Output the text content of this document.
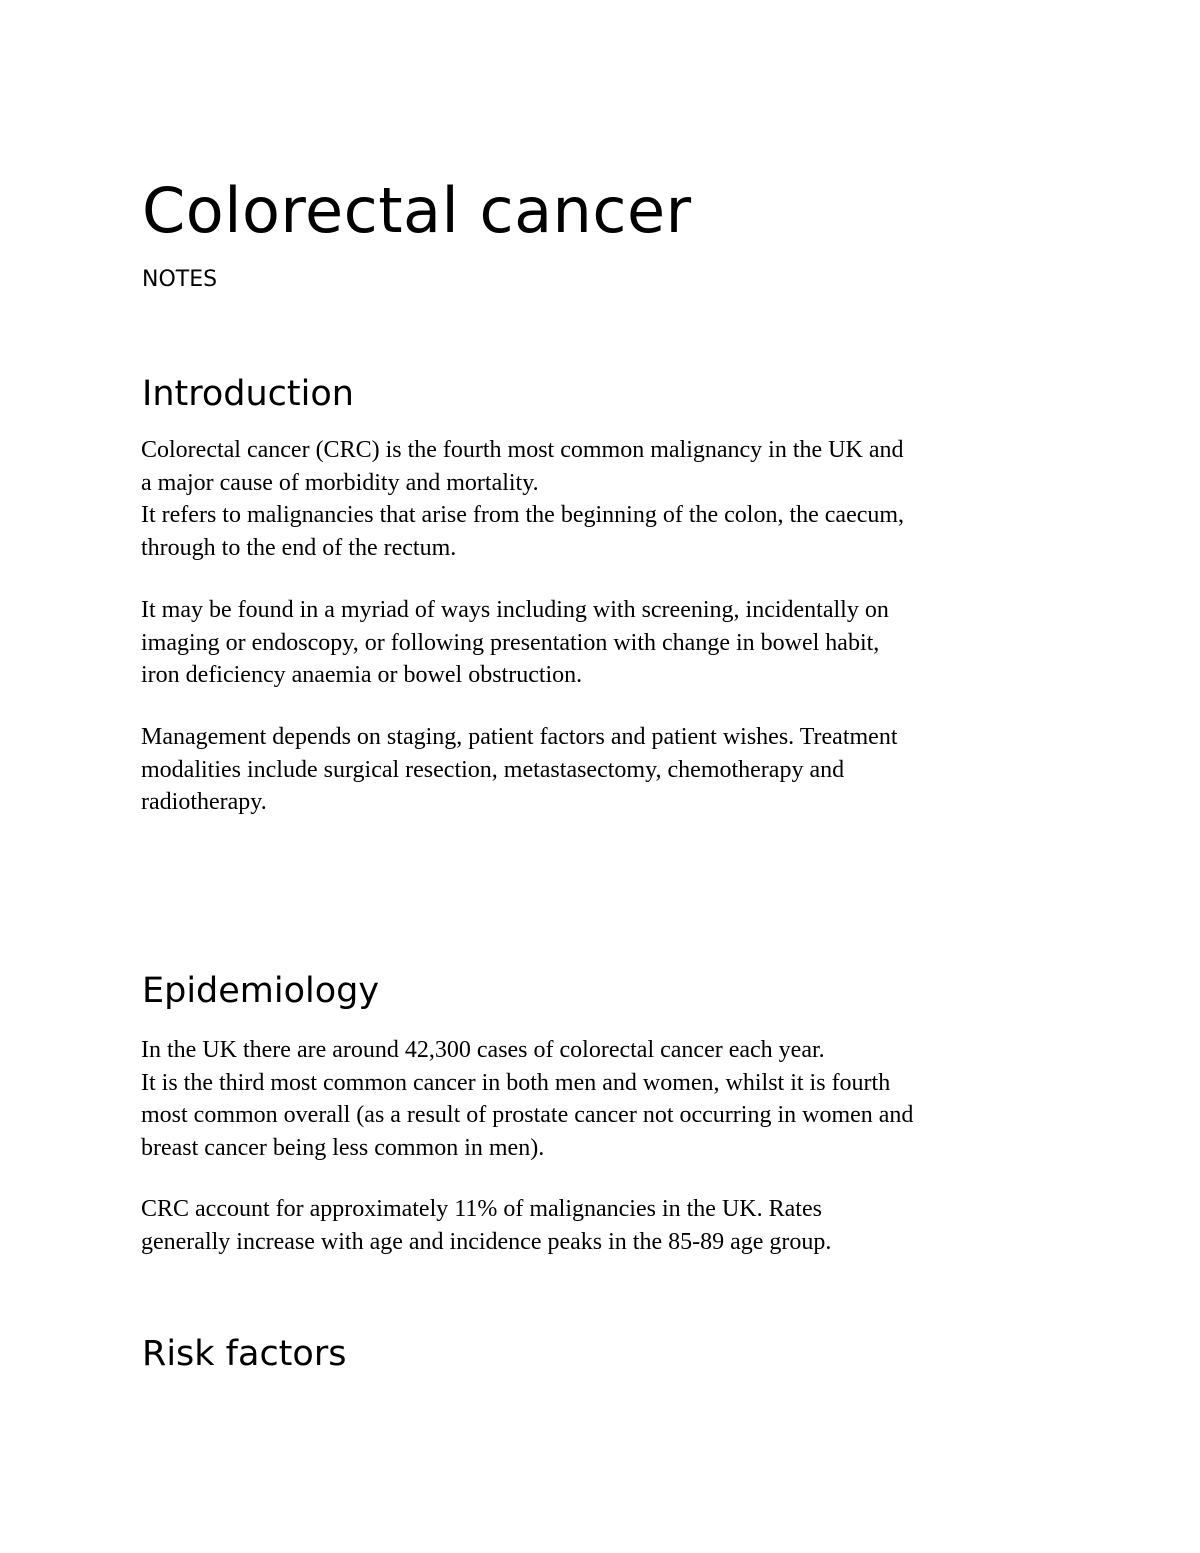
Colorectal cancer
NOTES
Introduction
Colorectal cancer (CRC) is the fourth most common malignancy in the UK and
a major cause of morbidity and mortality.
It refers to malignancies that arise from the beginning of the colon, the caecum,
through to the end of the rectum.
It may be found in a myriad of ways including with screening, incidentally on
imaging or endoscopy, or following presentation with change in bowel habit,
iron deficiency anaemia or bowel obstruction.
Management depends on staging, patient factors and patient wishes. Treatment
modalities include surgical resection, metastasectomy, chemotherapy and
radiotherapy.
Epidemiology
In the UK there are around 42,300 cases of colorectal cancer each year.
It is the third most common cancer in both men and women, whilst it is fourth
most common overall (as a result of prostate cancer not occurring in women and
breast cancer being less common in men).
CRC account for approximately 11% of malignancies in the UK. Rates
generally increase with age and incidence peaks in the 85-89 age group.
Risk factors
